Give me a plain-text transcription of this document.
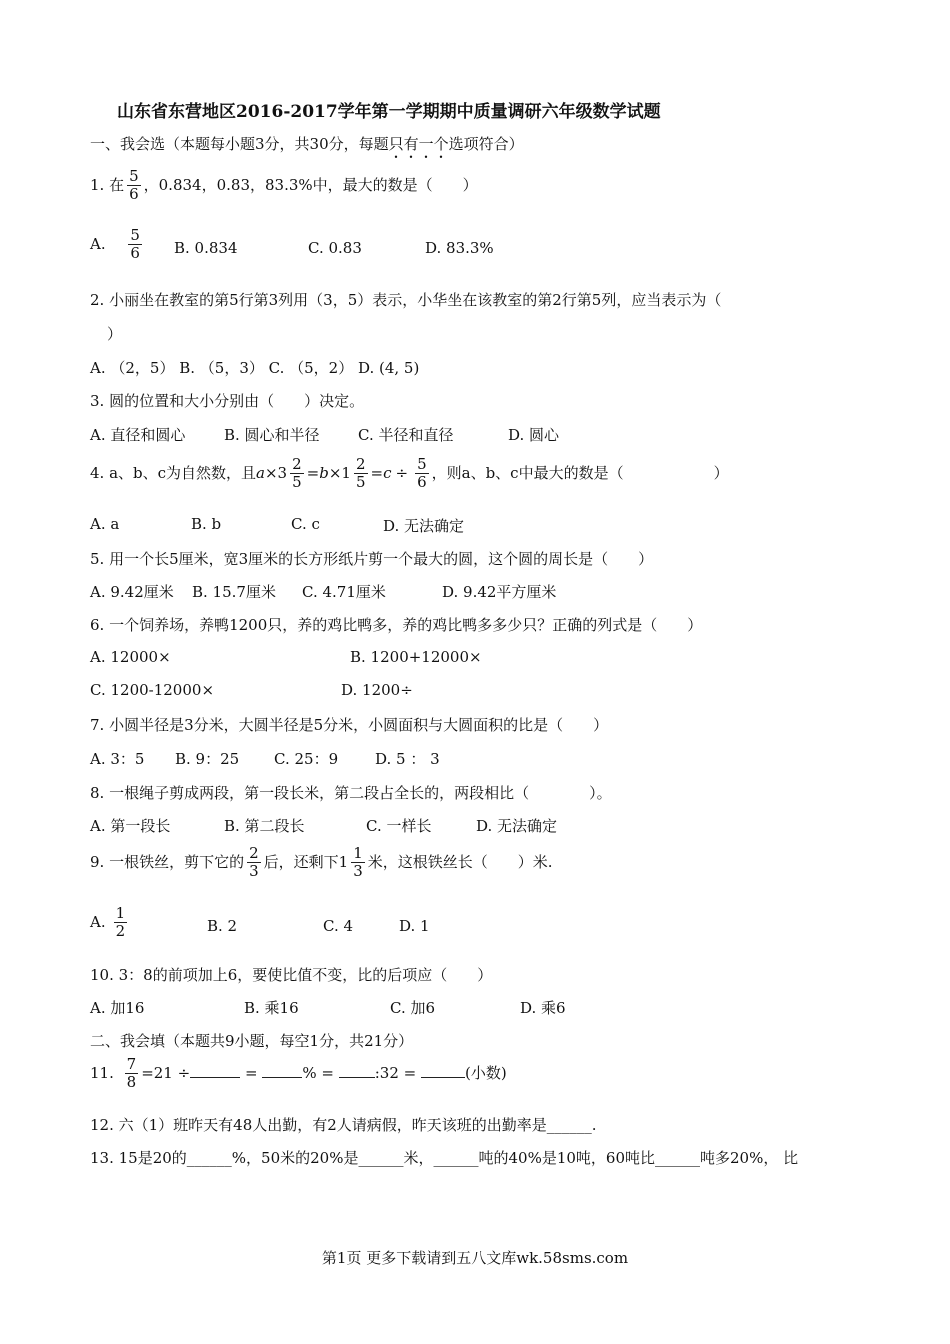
山东省东营地区2016-2017学年第一学期期中质量调研六年级数学试题
一、我会选（本题每小题3分，共30分，每题只有一个选项符合）
1. 在 $\frac{5}{6}$ ，0.834，0.83，83.3%中，最大的数是（　　）
A. $\frac{5}{6} B$. 0.834	C. 0.83	D. 83.3%
2. 小丽坐在教室的第5行第3列用（3，5）表示，小华坐在该教室的第2行第5列，应当表示为（
）
A. （2，5） B. （5，3） C. （5，2） D. (4, 5)
3. 圆的位置和大小分别由（　　）决定。
A. 直径和圆心	B. 圆心和半径	C. 半径和直径	D. 圆心
4. a、b、c为自然数，且$a\times 3 \frac{2}{5} =b\times 1 \frac{2}{5} =c \div \frac{5}{6}$ ，则a、b、c中最大的数是（　　　　　　）
A. a	B. b	C. c	D. 无法确定
5. 用一个长5厘米，宽3厘米的长方形纸片剪一个最大的圆，这个圆的周长是（　　）
A. 9.42厘米 B. 15.7厘米 C. 4.71厘米	D. 9.42平方厘米
6. 一个饲养场，养鸭1200只，养的鸡比鸭多，养的鸡比鸭多多少只？正确的列式是（　　）
A. 12000×	B. 1200+12000×
C. 1200-12000×	D. 1200÷
7. 小圆半径是3分米，大圆半径是5分米，小圆面积与大圆面积的比是（　　）
A. 3：5 B. 9：25 C. 25：9 D. 5 ： 3
8. 一根绳子剪成两段，第一段长米，第二段占全长的，两段相比（　　　　）。
A. 第一段长	B. 第二段长	C. 一样长	D. 无法确定
9. 一根铁丝，剪下它的 $\frac{2}{3}$ 后，还剩下$1 \frac{1}{3}$ 米，这根铁丝长（　　）米.
A. $\frac{1}{2}$	B. 2	C. 4	D. 1
10. 3：8的前项加上6，要使比值不变，比的后项应（　　）
A. 加16	B. 乘16	C. 加6	D. 乘6
二、我会填（本题共9小题，每空1分，共21分）
11. $\frac{7}{8} =21$ ÷	=	% =	:32 =	(小数)
12. 六（1）班昨天有48人出勤，有2人请病假，昨天该班的出勤率是______.
13. 15是20的______%，50米的20%是______米，______吨的40%是10吨，60吨比______吨多20%， 比
第1页 更多下载请到五八文库wk.58sms.com
